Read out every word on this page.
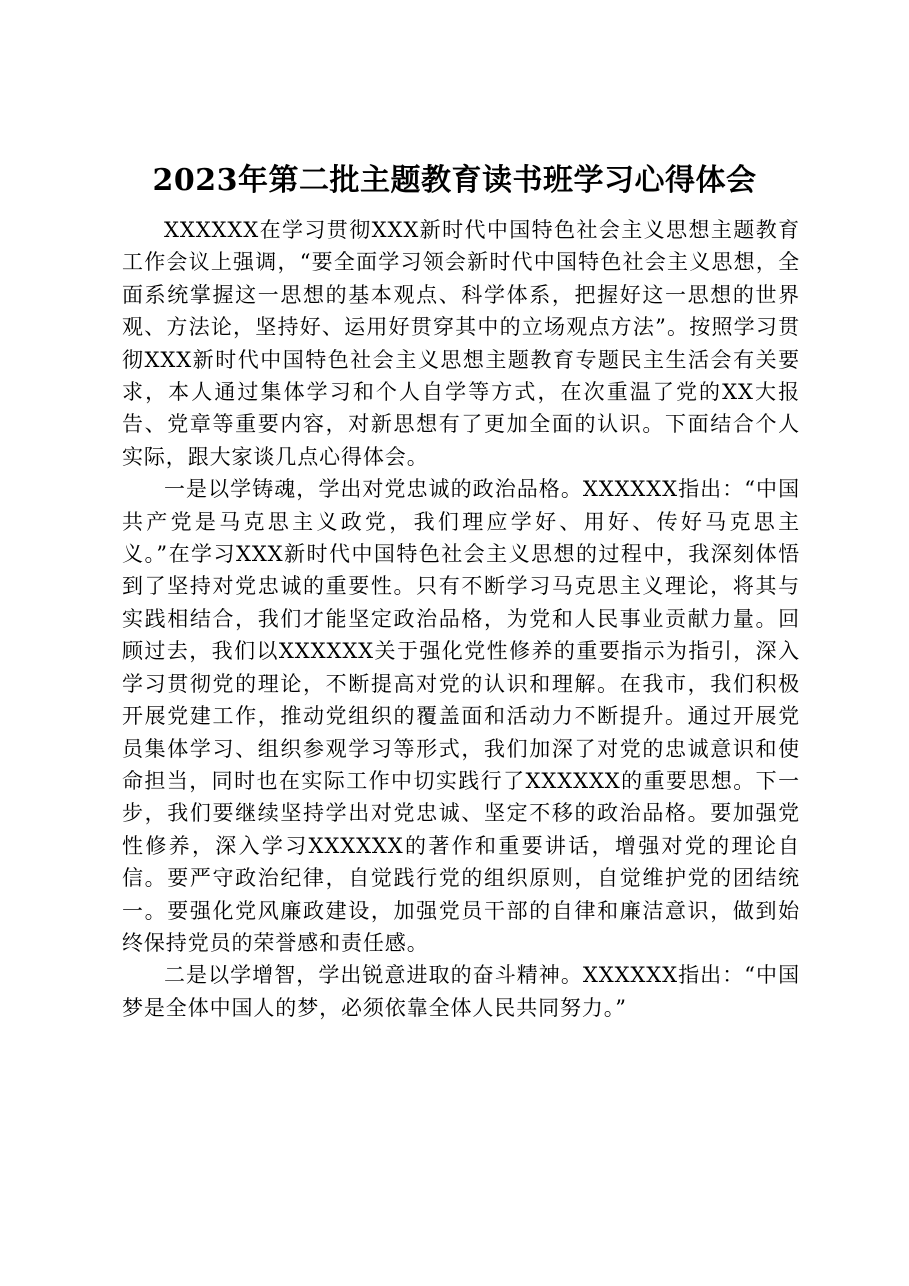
2023年第二批主题教育读书班学习心得体会

XXXXXX在学习贯彻XXX新时代中国特色社会主义思想主题教育工作会议上强调，“要全面学习领会新时代中国特色社会主义思想，全面系统掌握这一思想的基本观点、科学体系，把握好这一思想的世界观、方法论，坚持好、运用好贯穿其中的立场观点方法”。按照学习贯彻XXX新时代中国特色社会主义思想主题教育专题民主生活会有关要求，本人通过集体学习和个人自学等方式，在次重温了党的XX大报告、党章等重要内容，对新思想有了更加全面的认识。下面结合个人实际，跟大家谈几点心得体会。

一是以学铸魂，学出对党忠诚的政治品格。XXXXXX指出：“中国共产党是马克思主义政党，我们理应学好、用好、传好马克思主义。”在学习XXX新时代中国特色社会主义思想的过程中，我深刻体悟到了坚持对党忠诚的重要性。只有不断学习马克思主义理论，将其与实践相结合，我们才能坚定政治品格，为党和人民事业贡献力量。回顾过去，我们以XXXXXX关于强化党性修养的重要指示为指引，深入学习贯彻党的理论，不断提高对党的认识和理解。在我市，我们积极开展党建工作，推动党组织的覆盖面和活动力不断提升。通过开展党员集体学习、组织参观学习等形式，我们加深了对党的忠诚意识和使命担当，同时也在实际工作中切实践行了XXXXXX的重要思想。下一步，我们要继续坚持学出对党忠诚、坚定不移的政治品格。要加强党性修养，深入学习XXXXXX的著作和重要讲话，增强对党的理论自信。要严守政治纪律，自觉践行党的组织原则，自觉维护党的团结统一。要强化党风廉政建设，加强党员干部的自律和廉洁意识，做到始终保持党员的荣誉感和责任感。

二是以学增智，学出锐意进取的奋斗精神。XXXXXX指出：“中国梦是全体中国人的梦，必须依靠全体人民共同努力。”
